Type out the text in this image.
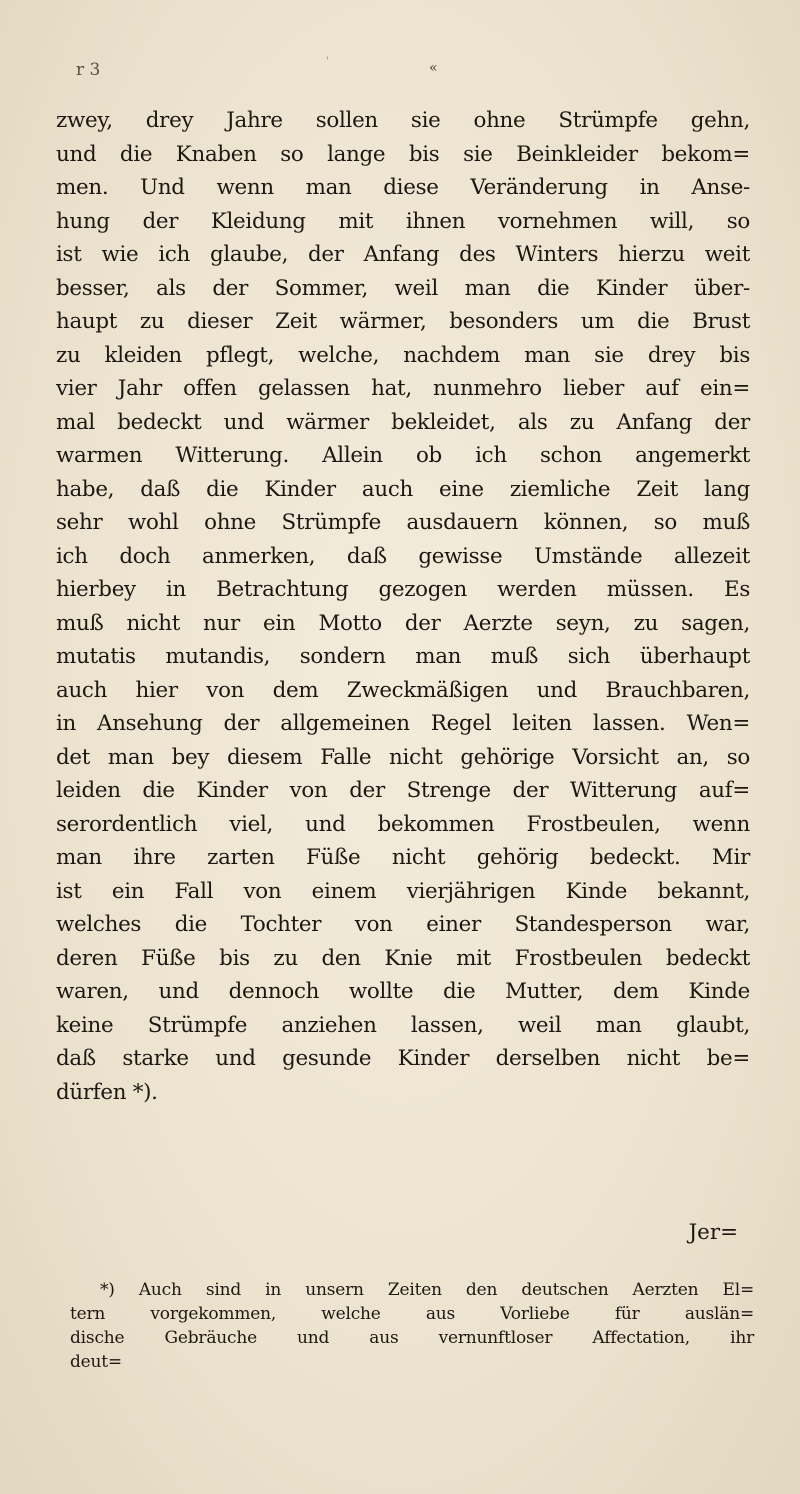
r 3	'	«
zwey, drey Jahre sollen sie ohne Strümpfe gehn,
und die Knaben so lange bis sie Beinkleider bekom=
men. Und wenn man diese Veränderung in Anse-
hung der Kleidung mit ihnen vornehmen will, so
ist wie ich glaube, der Anfang des Winters hierzu weit
besser, als der Sommer, weil man die Kinder über-
haupt zu dieser Zeit wärmer, besonders um die Brust
zu kleiden pflegt, welche, nachdem man sie drey bis
vier Jahr offen gelassen hat, nunmehro lieber auf ein=
mal bedeckt und wärmer bekleidet, als zu Anfang der
warmen Witterung. Allein ob ich schon angemerkt
habe, daß die Kinder auch eine ziemliche Zeit lang
sehr wohl ohne Strümpfe ausdauern können, so muß
ich doch anmerken, daß gewisse Umstände allezeit
hierbey in Betrachtung gezogen werden müssen. Es
muß nicht nur ein Motto der Aerzte seyn, zu sagen,
mutatis mutandis, sondern man muß sich überhaupt
auch hier von dem Zweckmäßigen und Brauchbaren,
in Ansehung der allgemeinen Regel leiten lassen. Wen=
det man bey diesem Falle nicht gehörige Vorsicht an, so
leiden die Kinder von der Strenge der Witterung auf=
serordentlich viel, und bekommen Frostbeulen, wenn
man ihre zarten Füße nicht gehörig bedeckt. Mir
ist ein Fall von einem vierjährigen Kinde bekannt,
welches die Tochter von einer Standesperson war,
deren Füße bis zu den Knie mit Frostbeulen bedeckt
waren, und dennoch wollte die Mutter, dem Kinde
keine Strümpfe anziehen lassen, weil man glaubt,
daß starke und gesunde Kinder derselben nicht be=
dürfen *).
Jer=
*) Auch sind in unsern Zeiten den deutschen Aerzten El=
tern vorgekommen, welche aus Vorliebe für auslän=
dische Gebräuche und aus vernunftloser Affectation, ihr
deut=
